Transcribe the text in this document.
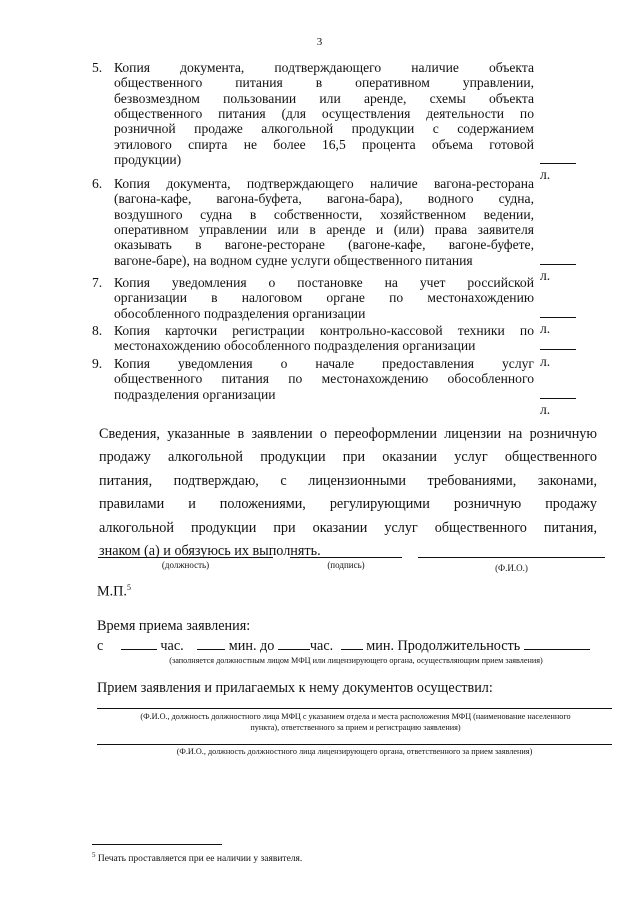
3
5. Копия документа, подтверждающего наличие объекта
общественного питания в оперативном управлении,
безвозмездном пользовании или аренде, схемы объекта
общественного питания (для осуществления деятельности по
розничной продаже алкогольной продукции с содержанием
этилового спирта не более 16,5 процента объема готовой
продукции)
л.
6. Копия документа, подтверждающего наличие вагона-ресторана
(вагона-кафе, вагона-буфета, вагона-бара), водного судна,
воздушного судна в собственности, хозяйственном ведении,
оперативном управлении или в аренде и (или) права заявителя
оказывать в вагоне-ресторане (вагоне-кафе, вагоне-буфете,
вагоне-баре), на водном судне услуги общественного питания
л.
7. Копия уведомления о постановке на учет российской
организации в налоговом органе по местонахождению
обособленного подразделения организации
л.
8. Копия карточки регистрации контрольно-кассовой техники по
местонахождению обособленного подразделения организации
л.
9. Копия уведомления о начале предоставления услуг
общественного питания по местонахождению обособленного
подразделения организации
л.
Сведения, указанные в заявлении о переоформлении лицензии на розничную
продажу алкогольной продукции при оказании услуг общественного
питания, подтверждаю, с лицензионными требованиями, законами,
правилами и положениями, регулирующими розничную продажу
алкогольной продукции при оказании услуг общественного питания,
знаком (а) и обязуюсь их выполнять.
(должность)	(подпись)	(Ф.И.О.)
М.П.$^5$
Время приема заявления:
с	час.	мин. до	час. мин. Продолжительность
(заполняется должностным лицом МФЦ или лицензирующего органа, осуществляющим прием заявления)
Прием заявления и прилагаемых к нему документов осуществил:
(Ф.И.О., должность должностного лица МФЦ с указанием отдела и места расположения МФЦ (наименование населенного
пункта), ответственного за прием и регистрацию заявления)
(Ф.И.О., должность должностного лица лицензирующего органа, ответственного за прием заявления)
$^5$ Печать проставляется при ее наличии у заявителя.
